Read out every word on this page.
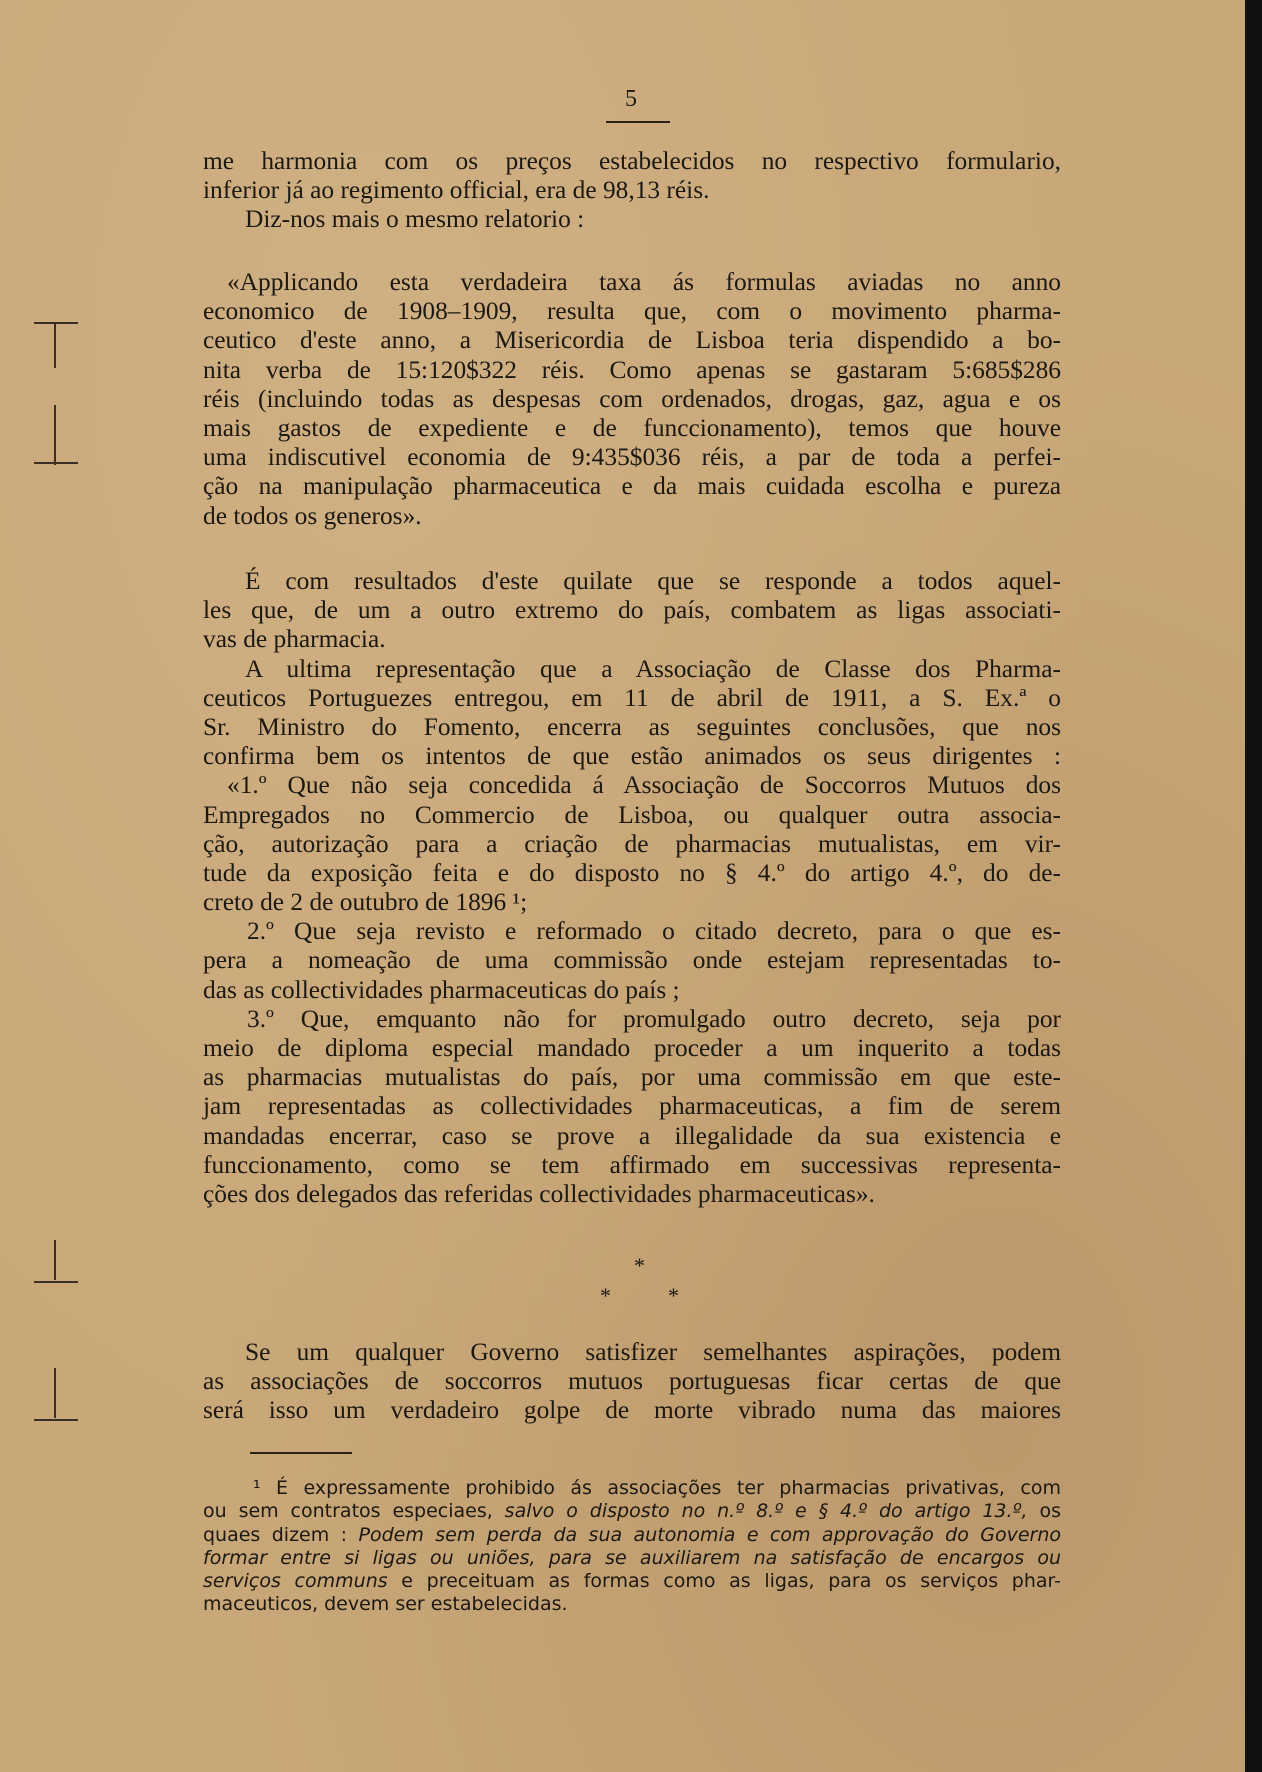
5
me harmonia com os preços estabelecidos no respectivo formulario,
inferior já ao regimento official, era de 98,13 réis.
Diz-nos mais o mesmo relatorio :
«Applicando esta verdadeira taxa ás formulas aviadas no anno
economico de 1908–1909, resulta que, com o movimento pharma-
ceutico d'este anno, a Misericordia de Lisboa teria dispendido a bo-
nita verba de 15:120$322 réis. Como apenas se gastaram 5:685$286
réis (incluindo todas as despesas com ordenados, drogas, gaz, agua e os
mais gastos de expediente e de funccionamento), temos que houve
uma indiscutivel economia de 9:435$036 réis, a par de toda a perfei-
ção na manipulação pharmaceutica e da mais cuidada escolha e pureza
de todos os generos».
É com resultados d'este quilate que se responde a todos aquel-
les que, de um a outro extremo do país, combatem as ligas associati-
vas de pharmacia.
A ultima representação que a Associação de Classe dos Pharma-
ceuticos Portuguezes entregou, em 11 de abril de 1911, a S. Ex.ª o
Sr. Ministro do Fomento, encerra as seguintes conclusões, que nos
confirma bem os intentos de que estão animados os seus dirigentes :
«1.º Que não seja concedida á Associação de Soccorros Mutuos dos
Empregados no Commercio de Lisboa, ou qualquer outra associa-
ção, autorização para a criação de pharmacias mutualistas, em vir-
tude da exposição feita e do disposto no § 4.º do artigo 4.º, do de-
creto de 2 de outubro de 1896 ¹;
2.º Que seja revisto e reformado o citado decreto, para o que es-
pera a nomeação de uma commissão onde estejam representadas to-
das as collectividades pharmaceuticas do país ;
3.º Que, emquanto não for promulgado outro decreto, seja por
meio de diploma especial mandado proceder a um inquerito a todas
as pharmacias mutualistas do país, por uma commissão em que este-
jam representadas as collectividades pharmaceuticas, a fim de serem
mandadas encerrar, caso se prove a illegalidade da sua existencia e
funccionamento, como se tem affirmado em successivas representa-
ções dos delegados das referidas collectividades pharmaceuticas».
*
*	*
Se um qualquer Governo satisfizer semelhantes aspirações, podem
as associações de soccorros mutuos portuguesas ficar certas de que
será isso um verdadeiro golpe de morte vibrado numa das maiores
¹ É expressamente prohibido ás associações ter pharmacias privativas, com
ou sem contratos especiaes, salvo o disposto no n.º 8.º e § 4.º do artigo 13.º, os
quaes dizem : Podem sem perda da sua autonomia e com approvação do Governo
formar entre si ligas ou uniões, para se auxiliarem na satisfação de encargos ou
serviços communs e preceituam as formas como as ligas, para os serviços phar-
maceuticos, devem ser estabelecidas.
